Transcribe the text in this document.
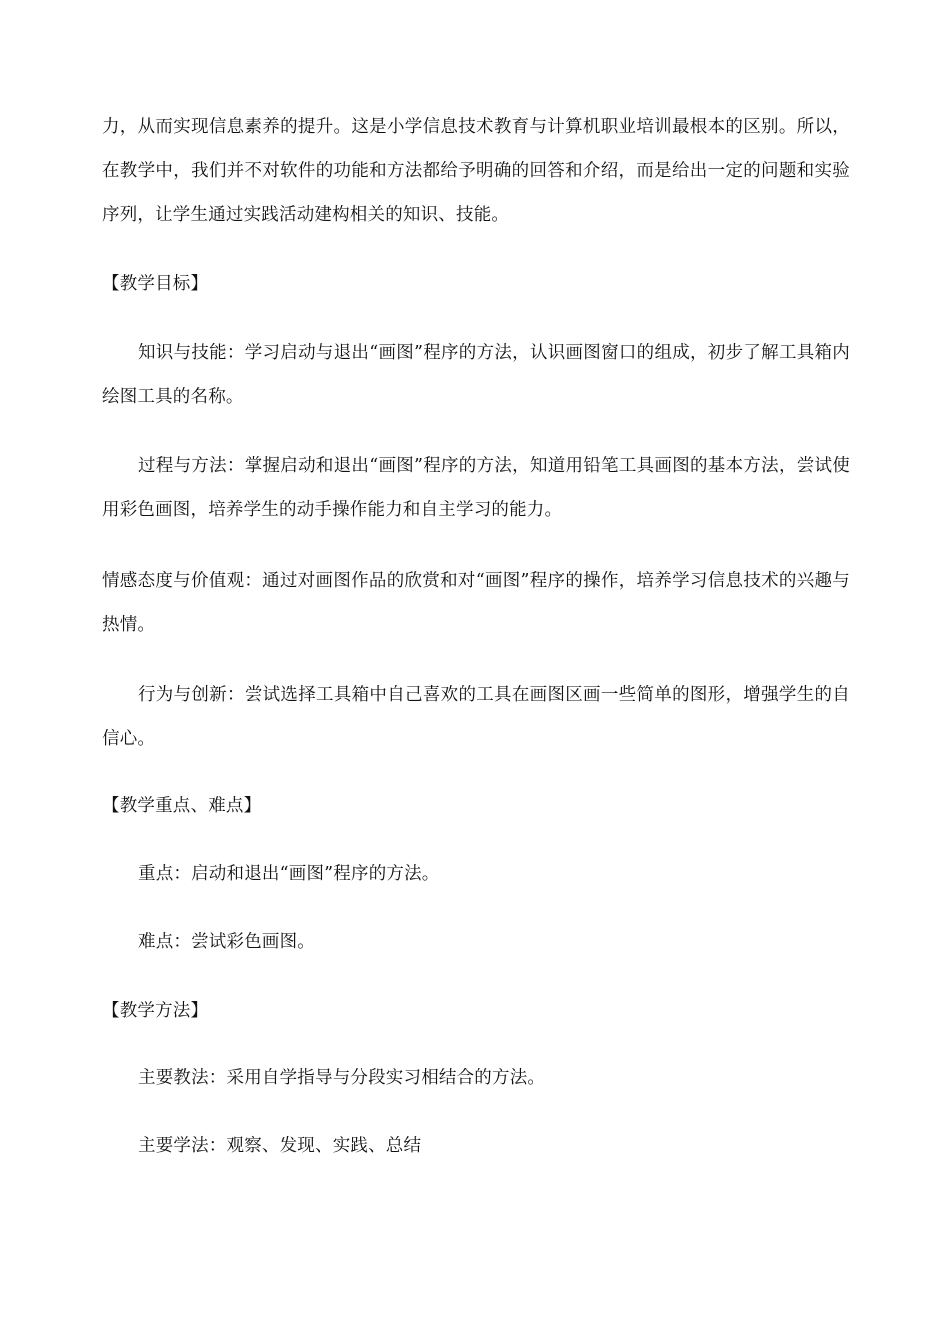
力，从而实现信息素养的提升。这是小学信息技术教育与计算机职业培训最根本的区别。所以，在教学中，我们并不对软件的功能和方法都给予明确的回答和介绍，而是给出一定的问题和实验序列，让学生通过实践活动建构相关的知识、技能。

【教学目标】

知识与技能：学习启动与退出“画图”程序的方法，认识画图窗口的组成，初步了解工具箱内绘图工具的名称。

过程与方法：掌握启动和退出“画图”程序的方法，知道用铅笔工具画图的基本方法，尝试使用彩色画图，培养学生的动手操作能力和自主学习的能力。

情感态度与价值观：通过对画图作品的欣赏和对“画图”程序的操作，培养学习信息技术的兴趣与热情。

行为与创新：尝试选择工具箱中自己喜欢的工具在画图区画一些简单的图形，增强学生的自信心。

【教学重点、难点】

重点：启动和退出“画图”程序的方法。

难点：尝试彩色画图。

【教学方法】

主要教法：采用自学指导与分段实习相结合的方法。

主要学法：观察、发现、实践、总结
